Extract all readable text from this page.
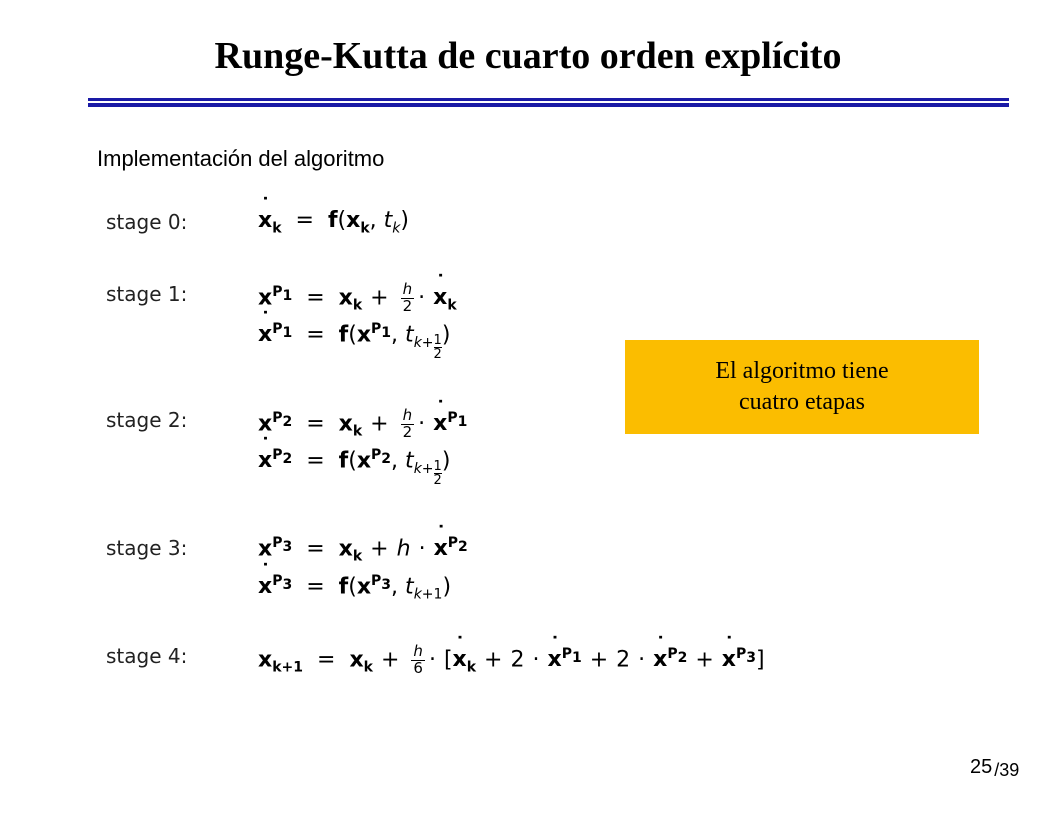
Runge-Kutta de cuarto orden explícito

Implementación del algoritmo

stage 0:	˙ $x_k = f(x_k$, $t_k$)
stage 1:	$x^{P_1} = x_k + \frac{h}{2}$ · ˙ $x_k$
˙ $x^{P_1} = f(x^{P_1}$, $t_{k+ \frac{1}{2}}$)
stage 2:	$x^{P_2} = x_k + \frac{h}{2}$ · ˙ $x^{P_1}$
˙ $x^{P_2} = f(x^{P_2}$, $t_{k+ \frac{1}{2}}$)
stage 3:	$x^{P_3} = x_k + h$ · ˙ $x^{P_2}$
˙ $x^{P_3} = f(x^{P_3}$, $t_{k+1}$)
stage 4:	$x_{k+1} = x_k + \frac{h}{6}$ · [˙ $x_k + 2$ · ˙ $x^{P_1} + 2$ · ˙ $x^{P_2}$ + ˙ $x^{P_3}$]
El algoritmo tiene
cuatro etapas
25 /39
